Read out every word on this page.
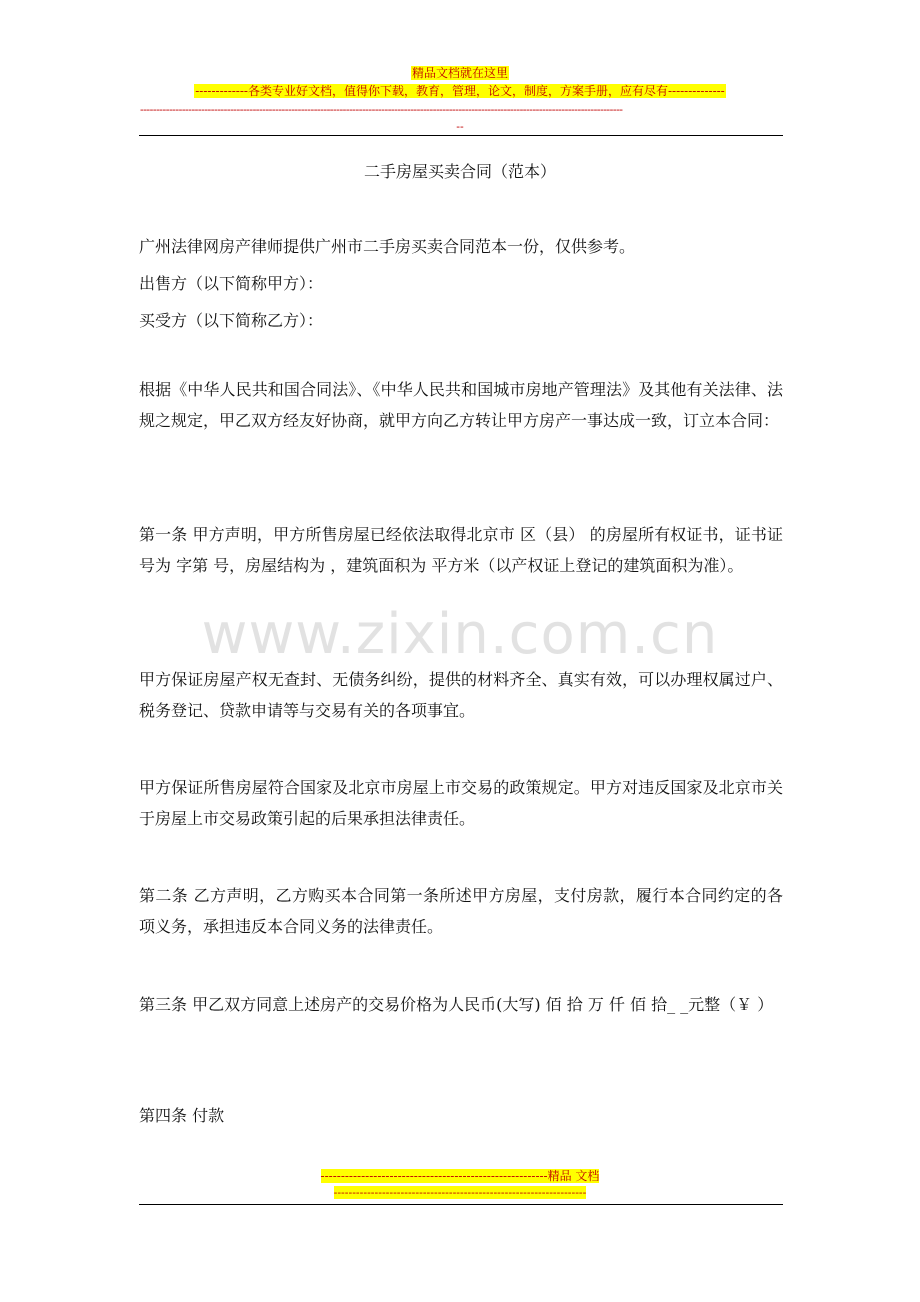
精品文档就在这里
-------------各类专业好文档，值得你下载，教育，管理，论文，制度，方案手册，应有尽有--------------
------------------------------------------------------------------------------------------------------------------------------------------------------
--
二手房屋买卖合同（范本）
广州法律网房产律师提供广州市二手房买卖合同范本一份，仅供参考。
出售方（以下简称甲方）：
买受方（以下简称乙方）：
根据《中华人民共和国合同法》、《中华人民共和国城市房地产管理法》及其他有关法律、法规之规定，甲乙双方经友好协商，就甲方向乙方转让甲方房产一事达成一致，订立本合同：
第一条 甲方声明，甲方所售房屋已经依法取得北京市 区（县） 的房屋所有权证书，证书证号为 字第 号，房屋结构为 ，建筑面积为 平方米（以产权证上登记的建筑面积为准）。
甲方保证房屋产权无查封、无债务纠纷，提供的材料齐全、真实有效，可以办理权属过户、税务登记、贷款申请等与交易有关的各项事宜。
甲方保证所售房屋符合国家及北京市房屋上市交易的政策规定。甲方对违反国家及北京市关于房屋上市交易政策引起的后果承担法律责任。
第二条 乙方声明，乙方购买本合同第一条所述甲方房屋，支付房款，履行本合同约定的各项义务，承担违反本合同义务的法律责任。
第三条 甲乙双方同意上述房产的交易价格为人民币(大写) 佰 拾 万 仟 佰 拾_ _元整（￥ ）
第四条 付款
www.zixin.com.cn
--------------------------------------------------------精品 文档
--------------------------------------------------------------------
